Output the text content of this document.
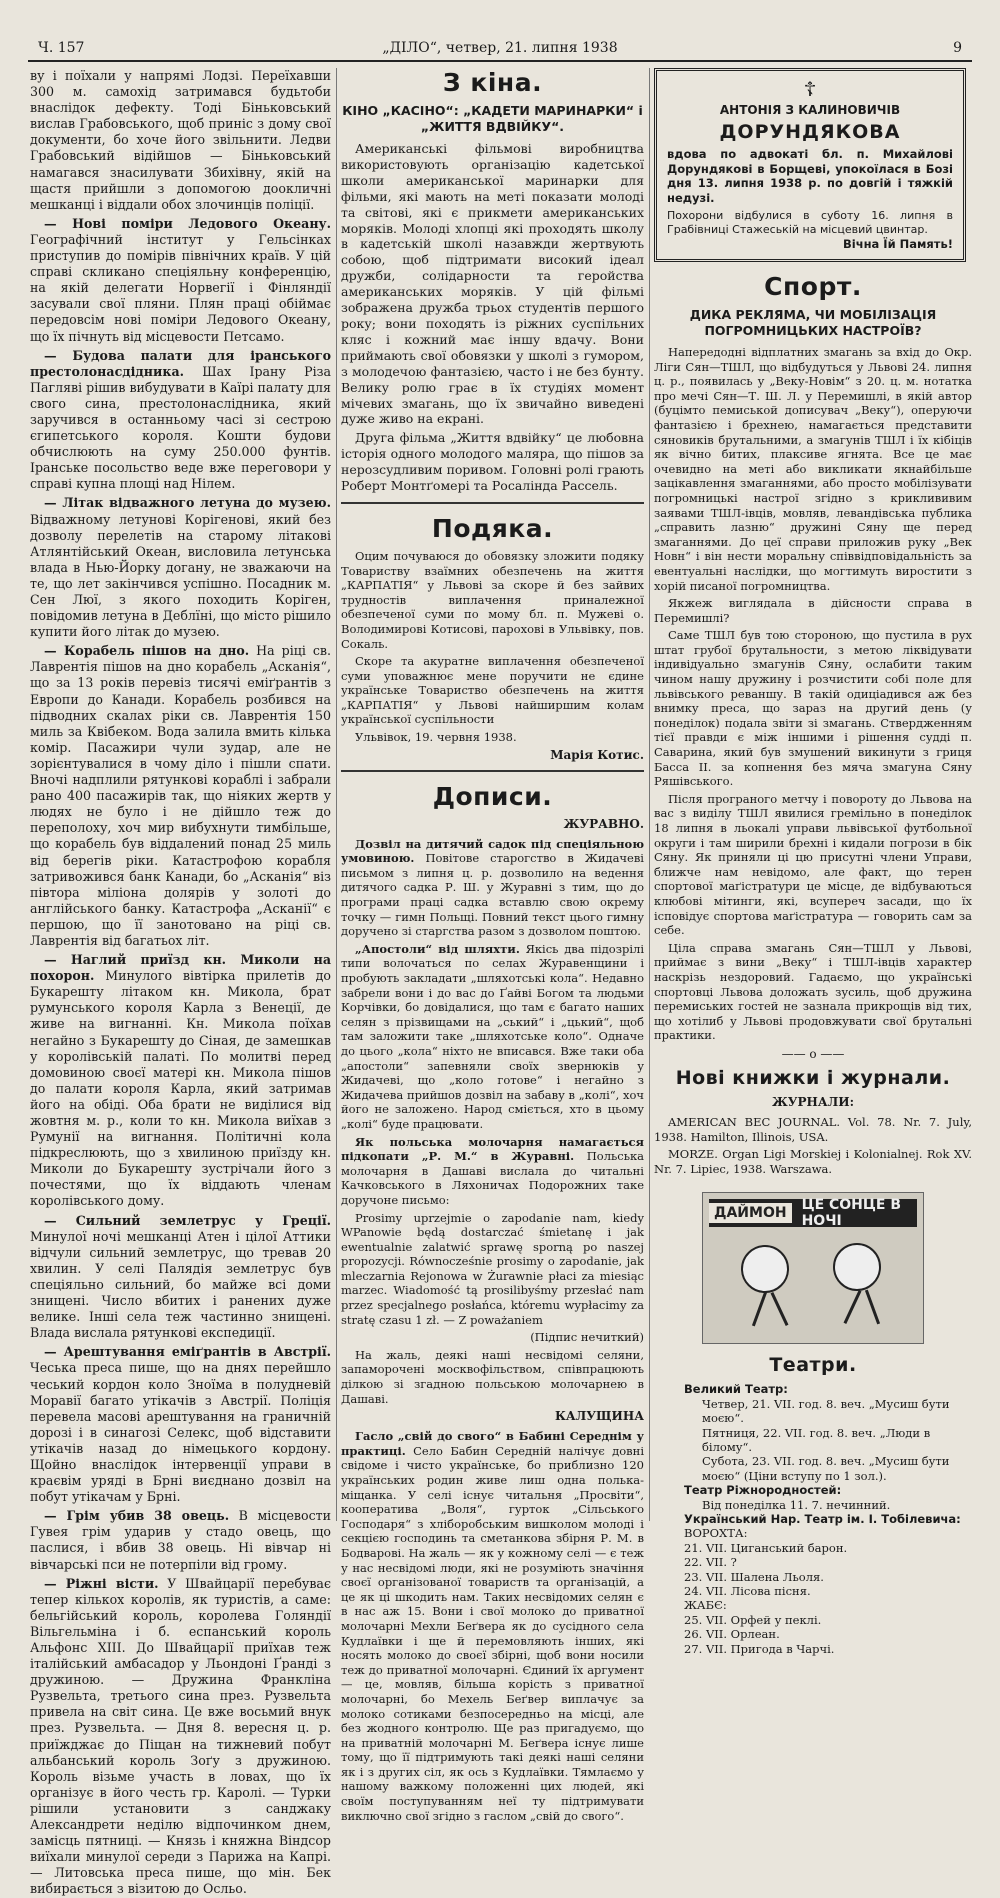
Ч. 157	„ДІЛО“, четвер, 21. липня 1938	9

ву і поїхали у напрямі Лодзі. Переїхавши 300 м. самохід затримався будьтоби внаслідок дефекту. Тоді Біньковський вислав Грабовського, щоб приніс з дому свої документи, бо хоче його звільнити. Ледви Грабовський відійшов — Біньковський намагався знасилувати Збихівну, якій на щастя прийшли з допомогою доокличні мешканці і віддали обох злочинців поліції.

— Нові поміри Ледового Океану. Географічний інститут у Гельсінках приступив до помірів північних країв. У цій справі скликано спеціяльну конференцію, на якій делегати Норвегії і Фінляндії засували свої пляни. Плян праці обіймає передовсім нові поміри Ледового Океану, що їх пічнуть від місцевости Петсамо.

— Будова палати для іранського престолонасдідника. Шах Ірану Різа Пагляві рішив вибудувати в Каїрі палату для свого сина, престолонаслідника, який заручився в останньому часі зі сестрою єгипетського короля. Кошти будови обчислюють на суму 250.000 фунтів. Іранське посольство веде вже переговори у справі купна площі над Нілем.

— Літак відважного летуна до музею. Відважному летунові Корігенові, який без дозволу перелетів на старому літакові Атлянтійський Океан, висловила летунська влада в Нью-Йорку догану, не звaжаючи на те, що лет закінчився успішно. Посадник м. Сен Люї, з якого походить Коріген, повідомив летуна в Деблїні, що місто рішило купити його літак до музею.

— Корабель пішов на дно. На ріці св. Лаврентія пішов на дно корабель „Асканія“, що за 13 років перевіз тисячі еміґрантів з Европи до Канади. Корабель розбився на підводних скалах ріки св. Лаврентія 150 миль за Квібеком. Вода залила вмить кілька комір. Пасажири чули зудар, але не зорієнтувалися в чому діло і пішли спати. Вночі надплили рятункові кораблі і забрали рано 400 пасажирів так, що ніяких жертв у людях не було і не дійшло теж до переполоху, хоч мир вибухнути тимбільше, що корабель був віддалений понад 25 миль від берегів ріки. Катастрофою корабля затривожився банк Канади, бо „Асканія“ віз півтора міліона долярів у золоті до англійського банку. Катастрофа „Асканії“ є першою, що її занотовано на ріці св. Лаврентія від багатьох літ.

— Наглий приїзд кн. Миколи на похорон. Минулого вівтірка прилетів до Букарешту літаком кн. Микола, брат румунського короля Карла з Венеції, де живе на вигнанні. Кн. Микола поїхав негайно з Букарешту до Сіная, де замешкав у королівській палаті. По молитві перед домовиною своєї матері кн. Микола пішов до палати короля Карла, який затримав його на обіді. Оба брати не виділися від жовтня м. р., коли то кн. Микола виїхав з Румунії на вигнання. Політичні кола підкреслюють, що з хвилиною приїзду кн. Миколи до Букарешту зустрічали його з почестями, що їх віддають членам королівського дому.

— Сильний землетрус у Греції. Минулої ночі мешканці Атен і цілої Аттики відчули сильний землетрус, що тревав 20 хвилин. У селі Палядія землетрус був спеціяльно сильний, бо майже всі доми знищені. Число вбитих і ранених дуже велике. Інші села теж частинно знищені. Влада вислала рятункові експедиції.

— Арештування еміґрантів в Австрії. Чеська преса пише, що на днях перейшло чеський кордон коло Зноїма в полудневій Моравії багато утікачів з Австрії. Поліція перевела масові арештування на граничній дорозі і в синагозі Селекс, щоб відставити утікачів назад до німецького кордону. Щойно внаслідок інтервенції управи в краєвім уряді в Брні виєднано дозвіл на побут утікачам у Брні.

— Грім убив 38 овець. В місцевости Гувея грім ударив у стадо овець, що паслися, і вбив 38 овець. Ні вівчар ні вівчарські пси не потерпіли від грому.

— Ріжні вісти. У Швайцарії перебуває тепер кількох королів, як туристів, а саме: бельгійський король, королева Голяндії Вільгельміна і б. еспанський король Альфонс XIII. До Швайцарії приїхав теж італійський амбасадор у Льондоні Ґранді з дружиною. — Дружина Франкліна Рузвельта, третього сина през. Рузвельта привела на світ сина. Це вже восьмий внук през. Рузвельта. — Дня 8. вересня ц. р. приїжджає до Піщан на тижневий побут альбанський король Зоґу з дружиною. Король візьме участь в ловах, що їх організує в його честь гр. Каролі. — Турки рішили установити з санджаку Александрети неділю відпочинком днем, замісць пятниці. — Князь і княжна Віндсор виїхали минулої середи з Парижа на Капрі. — Литовська преса пише, що мін. Бек вибирається з візитою до Осльо.

З кіна.
КІНО „КАСІНО“: „КАДЕТИ МАРИНАРКИ“ і „ЖИТТЯ ВДВІЙКУ“.

Американські фільмові виробництва використовують організацію кадетської школи американської маринарки для фільми, які мають на меті показати молоді та світові, які є прикмети американських моряків. Молоді хлопці які проходять школу в кадетській школі назавжди жертвують собою, щоб підтримати високий ідеал дружби, солідарности та геройства американських моряків. У цій фільмі зображена дружба трьох студентів першого року; вони походять із ріжних суспільних кляс і кожний має іншу вдачу. Вони приймають свої обовязки у школі з гумором, з молодечою фантазією, часто і не без бунту. Велику ролю грає в їх студіях момент мічевих змагань, що їх звичайно виведені дуже живо на екрані.

Друга фільма „Життя вдвійку“ це любовна історія одного молодого маляра, що пішов за нерозсудливим поривом. Головні ролі грають Роберт Монтґомері та Росалінда Рассель.

Подяка.

Оцим почуваюся до обовязку зложити подяку Товариству взаїмних обезпечень на життя „КАРПАТІЯ“ у Львові за скоре й без зайвих трудностів виплачення приналежної обезпеченої суми по мому бл. п. Мужеві о. Володимирові Котисові, парохові в Ульвівку, пов. Сокаль.

Скоре та акуратне виплачення обезпеченої суми уповажнює мене поручити не єдине українське Товариство обезпечень на життя „КАРПАТІЯ“ у Львові найширшим колам української суспільности

Ульвівок, 19. червня 1938.

Марія Котис.
Дописи.
ЖУРАВНО.

Дозвіл на дитячий садок під спеціяльною умовиною. Повітове старогство в Жидачеві письмом з липня ц. р. дозволило на ведення дитячого садка Р. Ш. у Журавні з тим, що до програми праці садка вставлю свою окрему точку — гимн Польщі. Повний текст цього гимну доручено зі старгства разом з дозволом поштою.

„Апостоли“ від шляхти. Якісь два підозрілі типи волочаться по селах Журавенщини і пробують закладати „шляхотські кола“. Недавно забрели вони і до вас до Ґайві Богом та людьми Корчівки, бо довідалися, що там є багато наших селян з прізвищами на „ський“ і „цький“, щоб там заложити таке „шляхотське коло“. Одначе до цього „кола“ ніхто не вписався. Вже таки оба „апостоли“ запевняли своїх звернюків у Жидачеві, що „коло готове“ і негайно з Жидачева прийшов дозвіл на забаву в „колі“, хоч його не заложено. Народ сміється, хто в цьому „колі“ буде працювати.

Як польська молочарня намагається підкопати „Р. М.“ в Журавні. Польська молочарня в Дашаві вислала до читальні Качковського в Ляхоничах Подорожних таке доручоне письмо:

Prosimy uprzejmie o zapodanie nam, kiedy WPanowie będą dostarczać śmietanę i jak ewentualnie zalatwić sprawę sporną po naszej propozycji. Równocześnie prosimy o zapodanie, jak mleczarnia Rejonowa w Żurawnie płaci za miesiąc marzec. Wiadomość tą prosilibyśmy przesłać nam przez specjalnego posłańca, któremu wypłacimy za stratę czasu 1 zł. — Z poważaniem

(Підпис нечиткий)

На жаль, деякі наші несвідомі селяни, запаморочені москвофільством, співпрацюють ділкою зі згадною польською молочарнею в Дашаві.

КАЛУЩИНА

Гасло „свій до свого“ в Бабині Середнім у практиці. Село Бабин Середній налічує довні свідоме і чисто українське, бо приблизно 120 українських родин живе лиш одна полька-міщанка. У селі існує читальня „Просвіти“, кооператива „Воля“, гурток „Сільського Господаря“ з хліборобським вишколом молоді і секцією господинь та сметанкова збірня Р. М. в Бодварові. На жаль — як у кожному селі — є теж у нас несвідомі люди, які не розуміють значіння своєї організованої товариств та організацій, а це як ці шкодить нам. Таких несвідомих селян є в нас аж 15. Вони і свої молоко до приватної молочарні Мехли Беґвера як до сусідного села Кудлаївки і ще й перемовляють інших, які носять молоко до своєї збірні, щоб вони носили теж до приватної молочарні. Єдиний їх аргумент — це, мовляв, більша корість з приватної молочарні, бо Мехель Беґвер виплачує за молоко сотиками безпосередньо на місці, але без жодного контролю. Ще раз пригадуємо, що на приватній молочарні М. Беґвера існує лише тому, що її підтримують такі деякі наші селяни як і з других сіл, як ось з Кудлаївки. Тямлаємо у нашому важкому положенні цих людей, які своїм поступуванням неї ту підтримувати виключно свої згідно з гаслом „свій до свого“.

☦
АНТОНІЯ З КАЛИНОВИЧІВ
ДОРУНДЯКОВА
вдова по адвокаті бл. п. Михайлові Дорундякові в Борщеві, упокоїлася в Бозі дня 13. липня 1938 р. по довгій і тяжкій недузі.
Похорони відбулися в суботу 16. липня в Грабівниці Стажеській на місцевий цвинтар.
Вічна Їй Память!
Спорт.
ДИКА РЕКЛЯМА, ЧИ МОБІЛІЗАЦІЯ ПОГРОМНИЦЬКИХ НАСТРОЇВ?

Напередодні відплатних змагань за вхід до Окр. Ліги Сян—ТШЛ, що відбудуться у Львові 24. липня ц. р., появилась у „Веку-Новім“ з 20. ц. м. нотатка про мечі Сян—Т. Ш. Л. у Перемишлі, в якій автор (буцімто пемиськой дописувач „Веку“), оперуючи фантазією і брехнею, намагається представити сяновиків брутальними, а змагунів ТШЛ і їх кібіців як вічно битих, плаксиве ягнята. Все це має очевидно на меті або викликати якнайбільше зацікавлення змаганнями, або просто мобілізувати погромницькі настрої згідно з криклививим заявами ТШЛ-івців, мовляв, левандівська публика „справить лазню“ дружині Сяну ще перед змаганнями. До цеї справи приложив руку „Век Новн“ і він нести моральну співвідповідальність за евентуальні наслідки, що могтимуть виростити з хорій писаної погромництва.

Якжеж виглядала в дійсности справа в Перемишлі?

Саме ТШЛ був тою стороною, що пустила в рух штат грубої брутальности, з метою ліквідувати індивідуально змагунів Сяну, ослабити таким чином нашу дружину і розчистити собі поле для львівського реваншу. В такій одиціадився аж без внимку преса, що зараз на другий день (у понеділок) подала звіти зі змагань. Ствердженням тієї правди є між іншими і рішення судді п. Саварина, який був змушений викинути з гриця Басса II. за копнення без мяча змагуна Сяну Ряшівського.

Після програного метчу і повороту до Львова на вас з виділу ТШЛ явилися гремільно в понеділок 18 липня в льокалі управи львівської футбольної округи і там ширили брехні і кидали погрози в бік Сяну. Як приняли ці цю присутні члени Управи, ближче нам невідомо, але факт, що терен спортової маґістратури це місце, де відбуваються клюбові мітинги, які, всупереч засади, що їх ісповідує спортова маґістратура — говорить сам за себе.

Ціла справа змагань Сян—ТШЛ у Львові, приймає з вини „Веку“ і ТШЛ-івців характер наскрізь нездоровий. Гадаємо, що українські спортовці Львова доложать зусиль, щоб дружина перемиських гостей не зазнала прикрощів від тих, що хотілиб у Львові продовжувати свої брутальні практики.

—— о ——
Нові книжки і журнали.
ЖУРНАЛИ:

AMERICAN BEC JOURNAL. Vol. 78. Nr. 7. July, 1938. Hamilton, Illinois, USA.

MORZE. Organ Ligi Morskiej i Kolonialnej. Rok XV. Nr. 7. Lipiec, 1938. Warszawa.

ДАЙМОН	ЦЕ СОНЦЕ В НОЧІ
Театри.
Великий Театр:
Четвер, 21. VII. год. 8. веч. „Мусиш бути моєю“.
Пятниця, 22. VII. год. 8. веч. „Люди в білому“.
Субота, 23. VII. год. 8. веч. „Мусиш бути моєю“ (Ціни вступу по 1 зол.).
Театр Ріжнородностей:
Від понеділка 11. 7. нечинний.
Український Нар. Театр ім. І. Тобілевича:
ВОРОХТА:
21. VII. Циганський барон.
22. VII. ?
23. VII. Шалена Льоля.
24. VII. Лісова пісня.
ЖАБЄ:
25. VII. Орфей у пеклі.
26. VII. Орлеан.
27. VII. Пригода в Чарчі.
